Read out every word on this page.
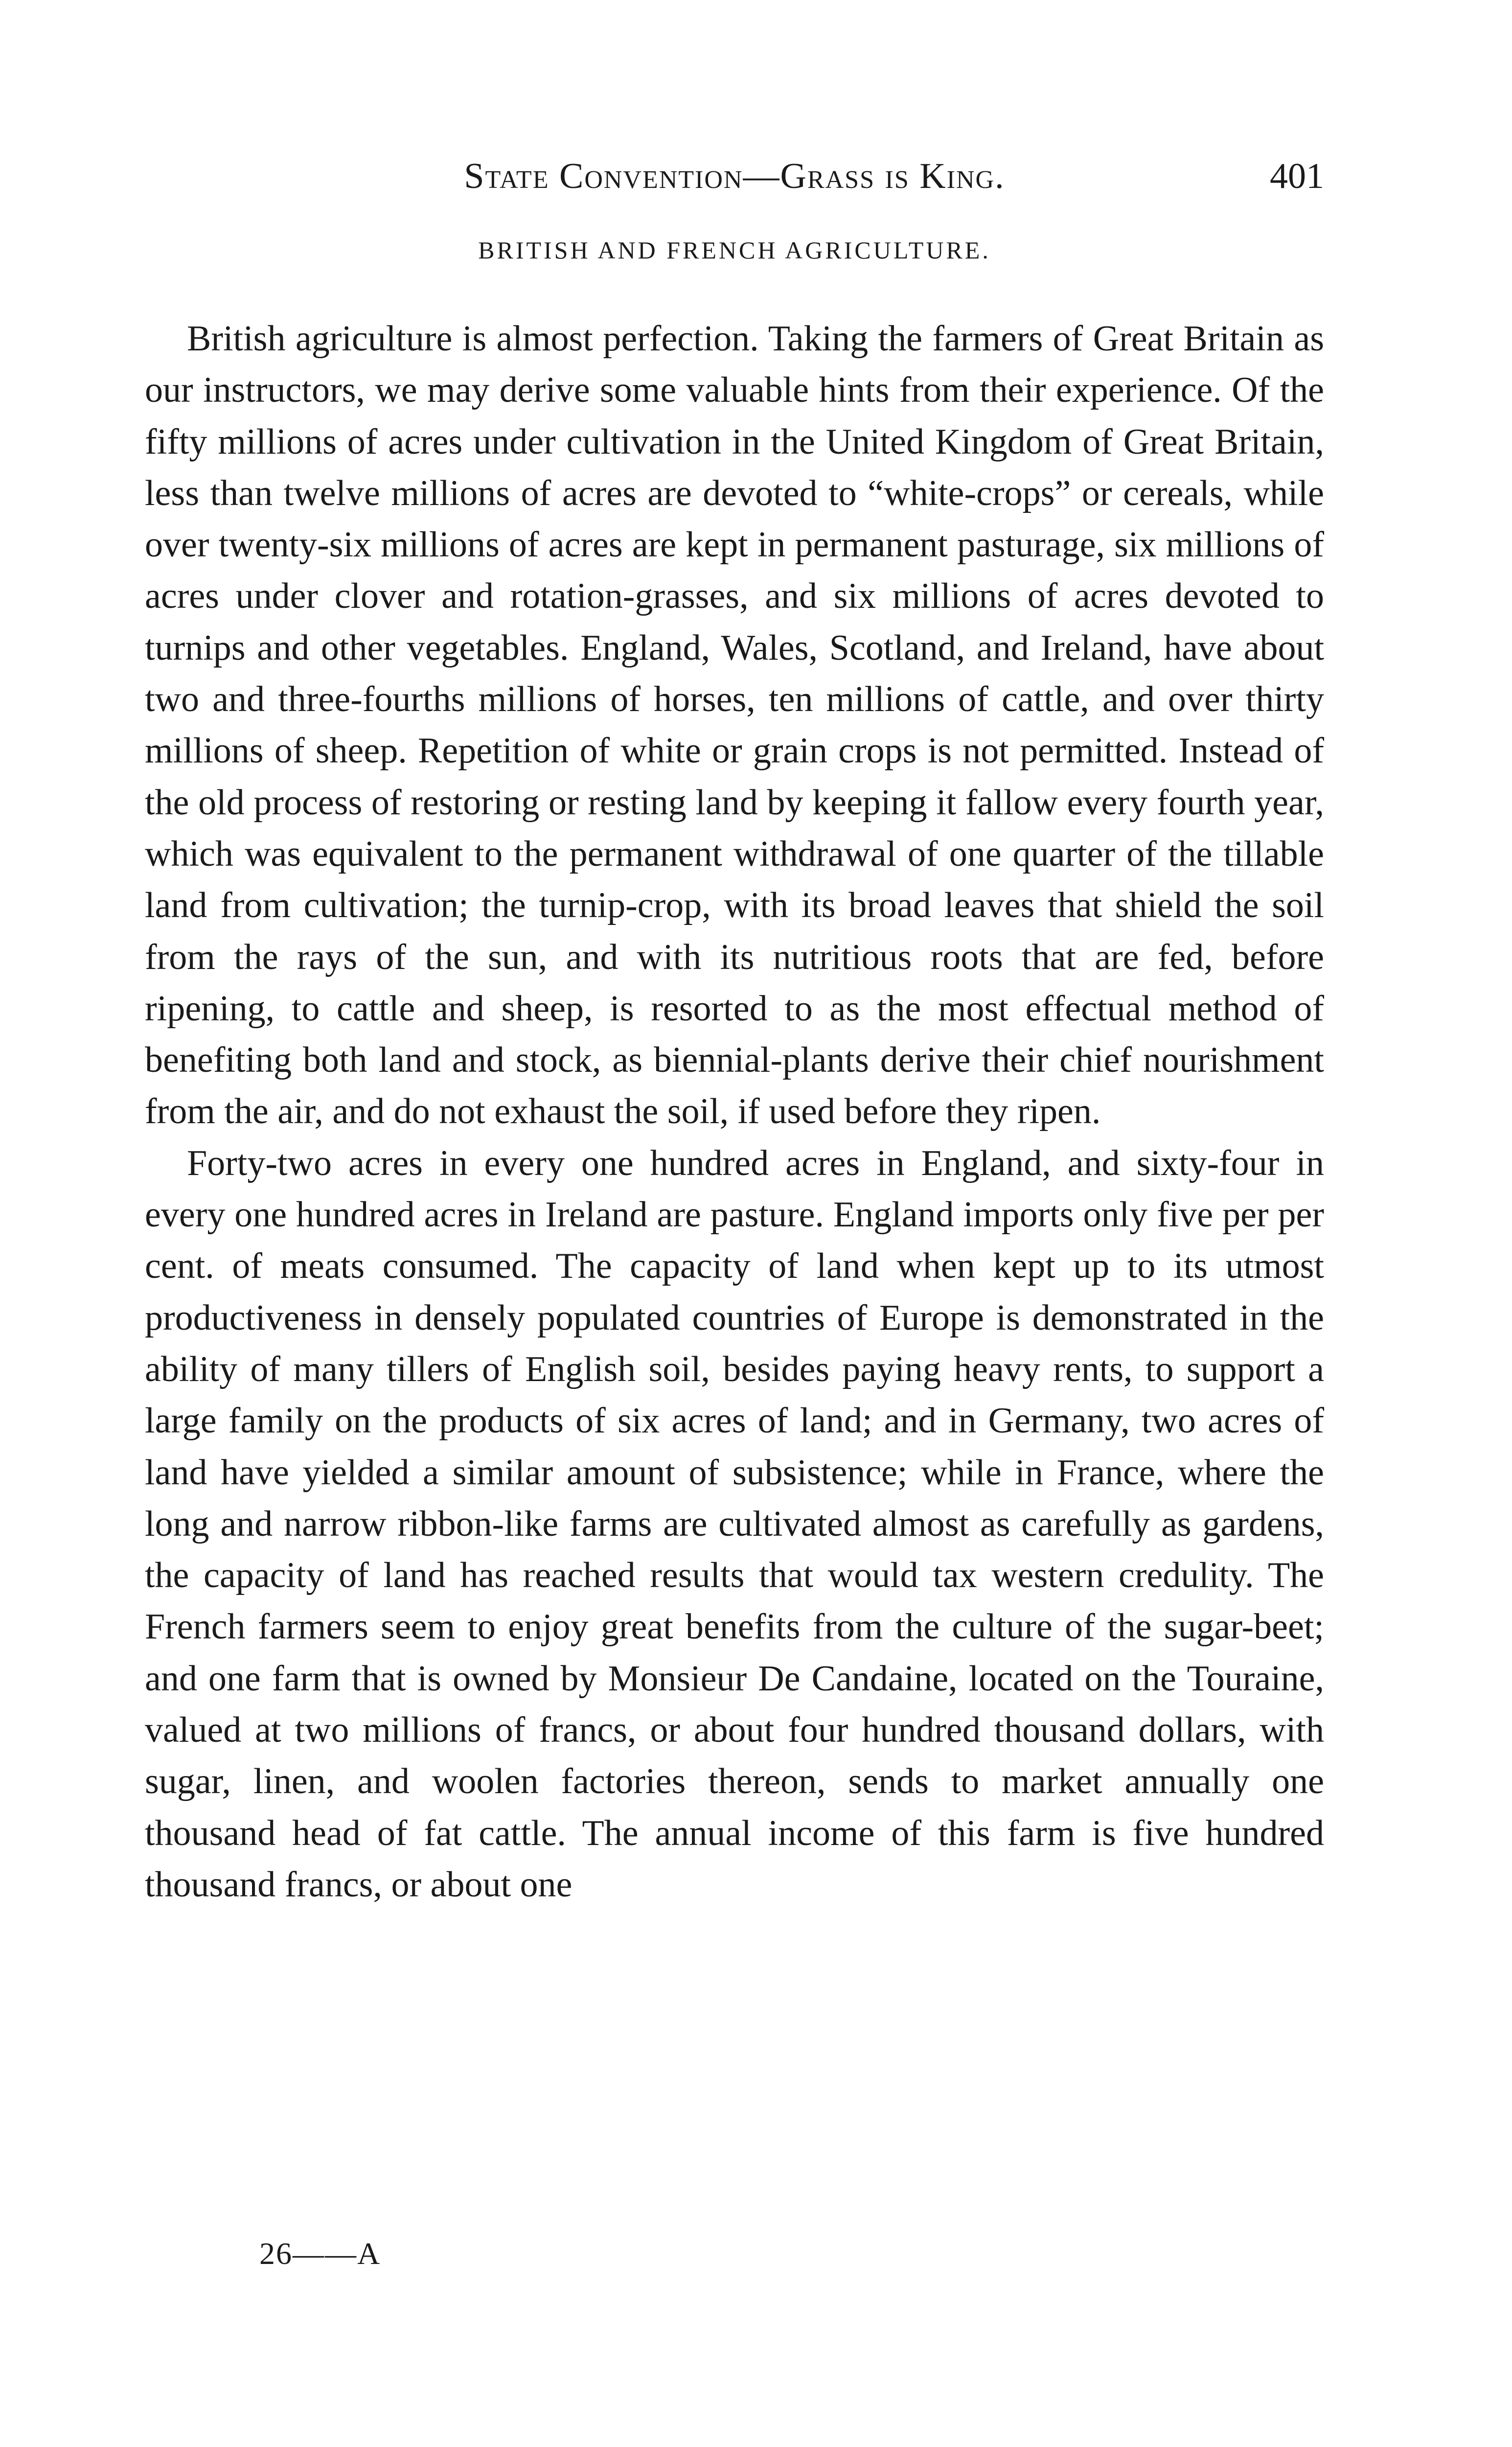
State Convention—Grass is King.	401
BRITISH AND FRENCH AGRICULTURE.

British agriculture is almost perfection. Taking the farmers of Great Britain as our instructors, we may derive some valuable hints from their experience. Of the fifty millions of acres under cultivation in the United Kingdom of Great Britain, less than twelve millions of acres are devoted to “white-crops” or cereals, while over twenty-six millions of acres are kept in permanent pasturage, six millions of acres under clover and rotation-grasses, and six millions of acres devoted to turnips and other vegetables. England, Wales, Scotland, and Ireland, have about two and three-fourths millions of horses, ten millions of cattle, and over thirty millions of sheep. Repetition of white or grain crops is not permitted. Instead of the old process of restoring or resting land by keeping it fallow every fourth year, which was equivalent to the permanent withdrawal of one quarter of the tillable land from cultivation; the turnip-crop, with its broad leaves that shield the soil from the rays of the sun, and with its nutritious roots that are fed, before ripening, to cattle and sheep, is resorted to as the most effectual method of benefiting both land and stock, as biennial-plants derive their chief nourishment from the air, and do not exhaust the soil, if used before they ripen.

Forty-two acres in every one hundred acres in England, and sixty-four in every one hundred acres in Ireland are pasture. England imports only five per per cent. of meats consumed. The capacity of land when kept up to its utmost productiveness in densely populated countries of Europe is demonstrated in the ability of many tillers of English soil, besides paying heavy rents, to support a large family on the products of six acres of land; and in Germany, two acres of land have yielded a similar amount of subsistence; while in France, where the long and narrow ribbon-like farms are cultivated almost as carefully as gardens, the capacity of land has reached results that would tax western credulity. The French farmers seem to enjoy great benefits from the culture of the sugar-beet; and one farm that is owned by Monsieur De Candaine, located on the Touraine, valued at two millions of francs, or about four hundred thousand dollars, with sugar, linen, and woolen factories thereon, sends to market annually one thousand head of fat cattle. The annual income of this farm is five hundred thousand francs, or about one

26——A
